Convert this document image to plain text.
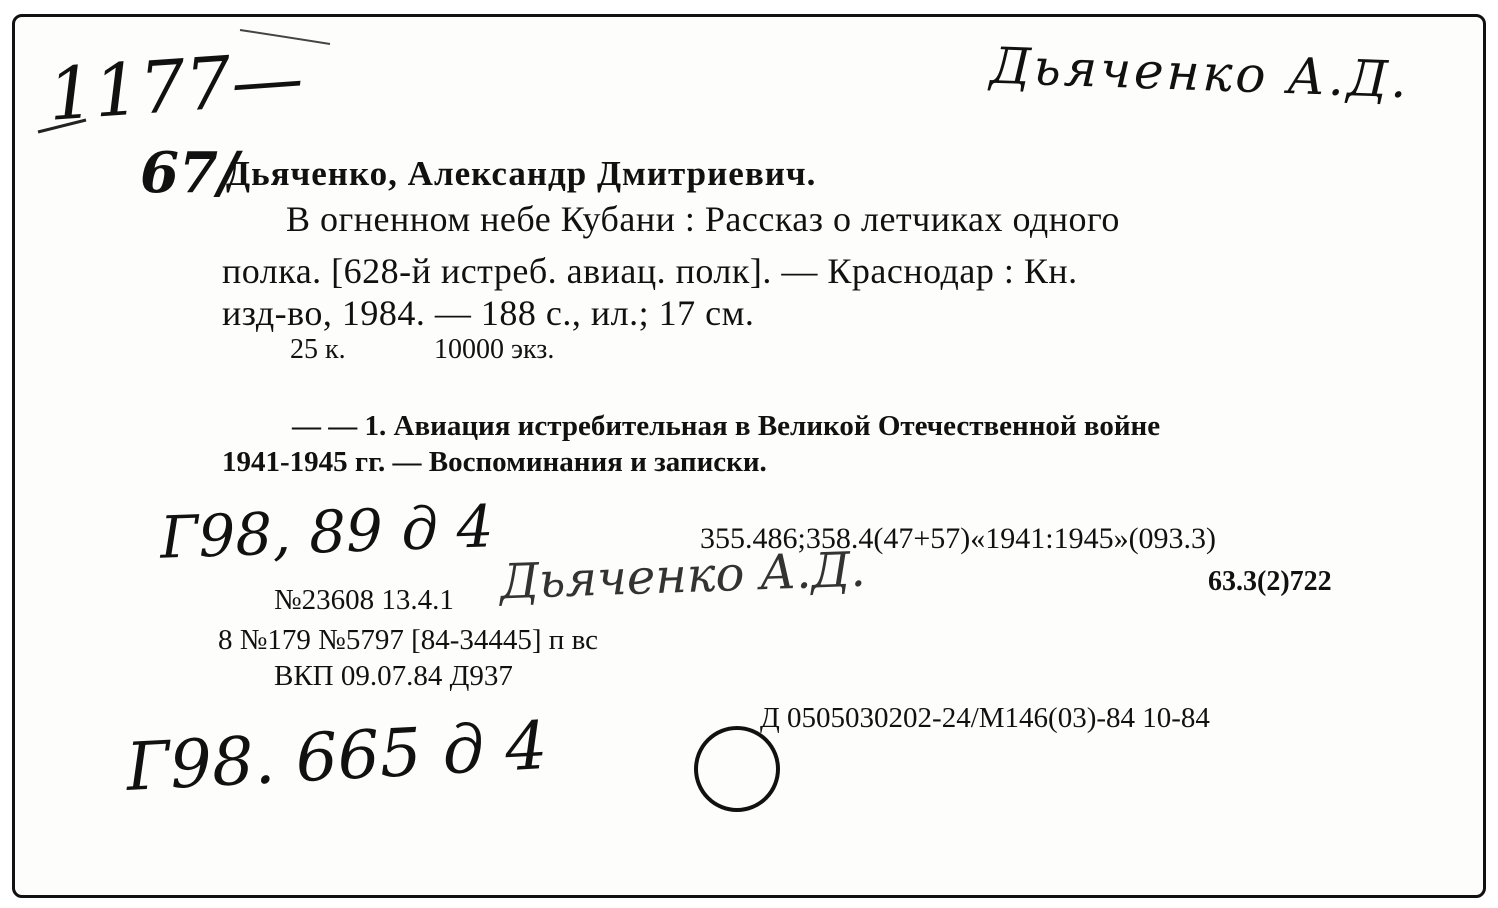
1177—	Дьяченко А.Д.
67/
Г98, 89 д 4
Дьяченко А.Д.
Г98. 665 д 4
Дьяченко, Александр Дмитриевич.
В огненном небе Кубани : Рассказ о летчиках одного
полка. [628-й истреб. авиац. полк]. — Краснодар : Кн.
изд-во, 1984. — 188 с., ил.; 17 см.
25 к.	10000 экз.
— — 1. Авиация истребительная в Великой Отечественной войне
1941-1945 гг. — Воспоминания и записки.
355.486;358.4(47+57)«1941:1945»(093.3)
63.3(2)722
№23608 13.4.1
8 №179 №5797 [84-34445] п вс
ВКП 09.07.84 Д937
Д 0505030202-24/М146(03)-84 10-84
